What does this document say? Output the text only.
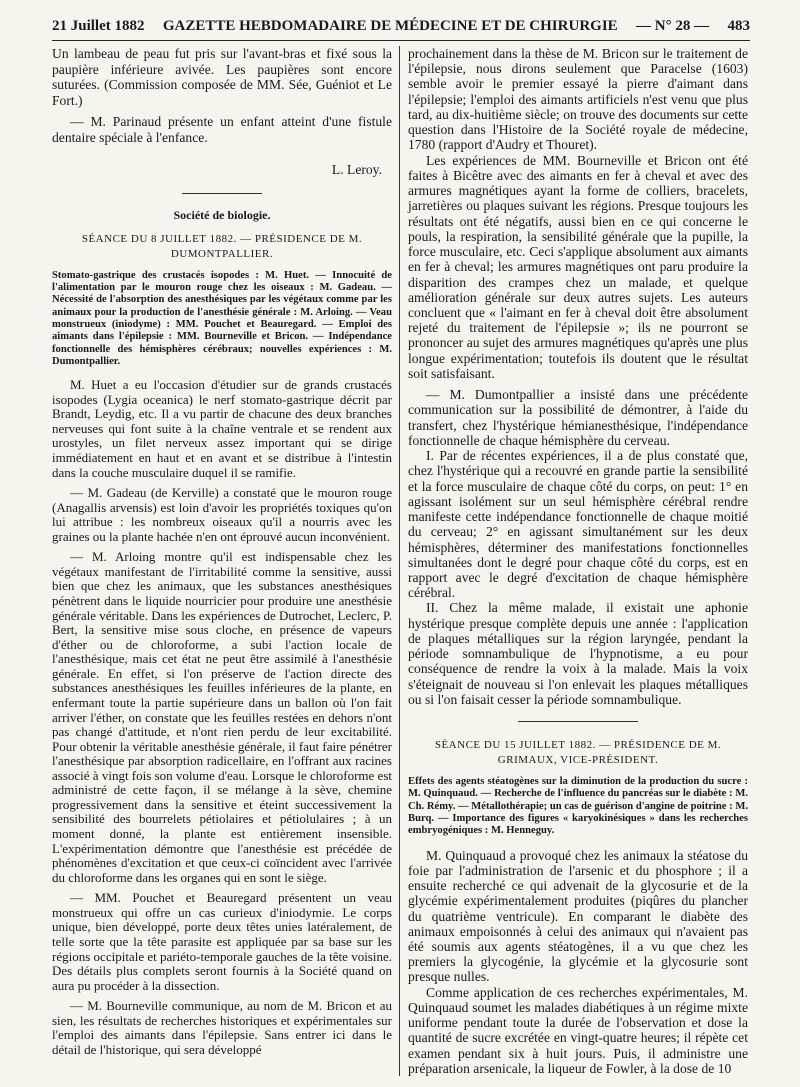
21 Juillet 1882 GAZETTE HEBDOMADAIRE DE MÉDECINE ET DE CHIRURGIE — N° 28 — 483

Un lambeau de peau fut pris sur l'avant-bras et fixé sous la paupière inférieure avivée. Les paupières sont encore suturées. (Commission composée de MM. Sée, Guéniot et Le Fort.)

— M. Parinaud présente un enfant atteint d'une fistule dentaire spéciale à l'enfance.

L. Leroy.

Société de biologie.

SÉANCE DU 8 JUILLET 1882. — PRÉSIDENCE DE M. DUMONTPALLIER.

Stomato-gastrique des crustacés isopodes : M. Huet. — Innocuité de l'alimentation par le mouron rouge chez les oiseaux : M. Gadeau. — Nécessité de l'absorption des anesthésiques par les végétaux comme par les animaux pour la production de l'anesthésie générale : M. Arloing. — Veau monstrueux (iniodyme) : MM. Pouchet et Beauregard. — Emploi des aimants dans l'épilepsie : MM. Bourneville et Bricon. — Indépendance fonctionnelle des hémisphères cérébraux; nouvelles expériences : M. Dumontpallier.

M. Huet a eu l'occasion d'étudier sur de grands crustacés isopodes (Lygia oceanica) le nerf stomato-gastrique décrit par Brandt, Leydig, etc. Il a vu partir de chacune des deux branches nerveuses qui font suite à la chaîne ventrale et se rendent aux urostyles, un filet nerveux assez important qui se dirige immédiatement en haut et en avant et se distribue à l'intestin dans la couche musculaire duquel il se ramifie.

— M. Gadeau (de Kerville) a constaté que le mouron rouge (Anagallis arvensis) est loin d'avoir les propriétés toxiques qu'on lui attribue : les nombreux oiseaux qu'il a nourris avec les graines ou la plante hachée n'en ont éprouvé aucun inconvénient.

— M. Arloing montre qu'il est indispensable chez les végétaux manifestant de l'irritabilité comme la sensitive, aussi bien que chez les animaux, que les substances anesthésiques pénètrent dans le liquide nourricier pour produire une anesthésie générale véritable. Dans les expériences de Dutrochet, Leclerc, P. Bert, la sensitive mise sous cloche, en présence de vapeurs d'éther ou de chloroforme, a subi l'action locale de l'anesthésique, mais cet état ne peut être assimilé à l'anesthésie générale. En effet, si l'on préserve de l'action directe des substances anesthésiques les feuilles inférieures de la plante, en enfermant toute la partie supérieure dans un ballon où l'on fait arriver l'éther, on constate que les feuilles restées en dehors n'ont pas changé d'attitude, et n'ont rien perdu de leur excitabilité. Pour obtenir la véritable anesthésie générale, il faut faire pénétrer l'anesthésique par absorption radicellaire, en l'offrant aux racines associé à vingt fois son volume d'eau. Lorsque le chloroforme est administré de cette façon, il se mélange à la sève, chemine progressivement dans la sensitive et éteint successivement la sensibilité des bourrelets pétiolaires et pétiolulaires ; à un moment donné, la plante est entièrement insensible. L'expérimentation démontre que l'anesthésie est précédée de phénomènes d'excitation et que ceux-ci coïncident avec l'arrivée du chloroforme dans les organes qui en sont le siège.

— MM. Pouchet et Beauregard présentent un veau monstrueux qui offre un cas curieux d'iniodymie. Le corps unique, bien développé, porte deux têtes unies latéralement, de telle sorte que la tête parasite est appliquée par sa base sur les régions occipitale et pariéto-temporale gauches de la tête voisine. Des détails plus complets seront fournis à la Société quand on aura pu procéder à la dissection.

— M. Bourneville communique, au nom de M. Bricon et au sien, les résultats de recherches historiques et expérimentales sur l'emploi des aimants dans l'épilepsie. Sans entrer ici dans le détail de l'historique, qui sera développé

prochainement dans la thèse de M. Bricon sur le traitement de l'épilepsie, nous dirons seulement que Paracelse (1603) semble avoir le premier essayé la pierre d'aimant dans l'épilepsie; l'emploi des aimants artificiels n'est venu que plus tard, au dix-huitième siècle; on trouve des documents sur cette question dans l'Histoire de la Société royale de médecine, 1780 (rapport d'Audry et Thouret).

Les expériences de MM. Bourneville et Bricon ont été faites à Bicêtre avec des aimants en fer à cheval et avec des armures magnétiques ayant la forme de colliers, bracelets, jarretières ou plaques suivant les régions. Presque toujours les résultats ont été négatifs, aussi bien en ce qui concerne le pouls, la respiration, la sensibilité générale que la pupille, la force musculaire, etc. Ceci s'applique absolument aux aimants en fer à cheval; les armures magnétiques ont paru produire la disparition des crampes chez un malade, et quelque amélioration générale sur deux autres sujets. Les auteurs concluent que « l'aimant en fer à cheval doit être absolument rejeté du traitement de l'épilepsie »; ils ne pourront se prononcer au sujet des armures magnétiques qu'après une plus longue expérimentation; toutefois ils doutent que le résultat soit satisfaisant.

— M. Dumontpallier a insisté dans une précédente communication sur la possibilité de démontrer, à l'aide du transfert, chez l'hystérique hémianesthésique, l'indépendance fonctionnelle de chaque hémisphère du cerveau.

I. Par de récentes expériences, il a de plus constaté que, chez l'hystérique qui a recouvré en grande partie la sensibilité et la force musculaire de chaque côté du corps, on peut: 1° en agissant isolément sur un seul hémisphère cérébral rendre manifeste cette indépendance fonctionnelle de chaque moitié du cerveau; 2° en agissant simultanément sur les deux hémisphères, déterminer des manifestations fonctionnelles simultanées dont le degré pour chaque côté du corps, est en rapport avec le degré d'excitation de chaque hémisphère cérébral.

II. Chez la même malade, il existait une aphonie hystérique presque complète depuis une année : l'application de plaques métalliques sur la région laryngée, pendant la période somnambulique de l'hypnotisme, a eu pour conséquence de rendre la voix à la malade. Mais la voix s'éteignait de nouveau si l'on enlevait les plaques métalliques ou si l'on faisait cesser la période somnambulique.

SÉANCE DU 15 JUILLET 1882. — PRÉSIDENCE DE M. GRIMAUX, VICE-PRÉSIDENT.

Effets des agents stéatogènes sur la diminution de la production du sucre : M. Quinquaud. — Recherche de l'influence du pancréas sur le diabète : M. Ch. Rémy. — Métallothérapie; un cas de guérison d'angine de poitrine : M. Burq. — Importance des figures « karyokinésiques » dans les recherches embryogéniques : M. Henneguy.

M. Quinquaud a provoqué chez les animaux la stéatose du foie par l'administration de l'arsenic et du phosphore ; il a ensuite recherché ce qui advenait de la glycosurie et de la glycémie expérimentalement produites (piqûres du plancher du quatrième ventricule). En comparant le diabète des animaux empoisonnés à celui des animaux qui n'avaient pas été soumis aux agents stéatogènes, il a vu que chez les premiers la glycogénie, la glycémie et la glycosurie sont presque nulles.

Comme application de ces recherches expérimentales, M. Quinquaud soumet les malades diabétiques à un régime mixte uniforme pendant toute la durée de l'observation et dose la quantité de sucre excrétée en vingt-quatre heures; il répète cet examen pendant six à huit jours. Puis, il administre une préparation arsenicale, la liqueur de Fowler, à la dose de 10
